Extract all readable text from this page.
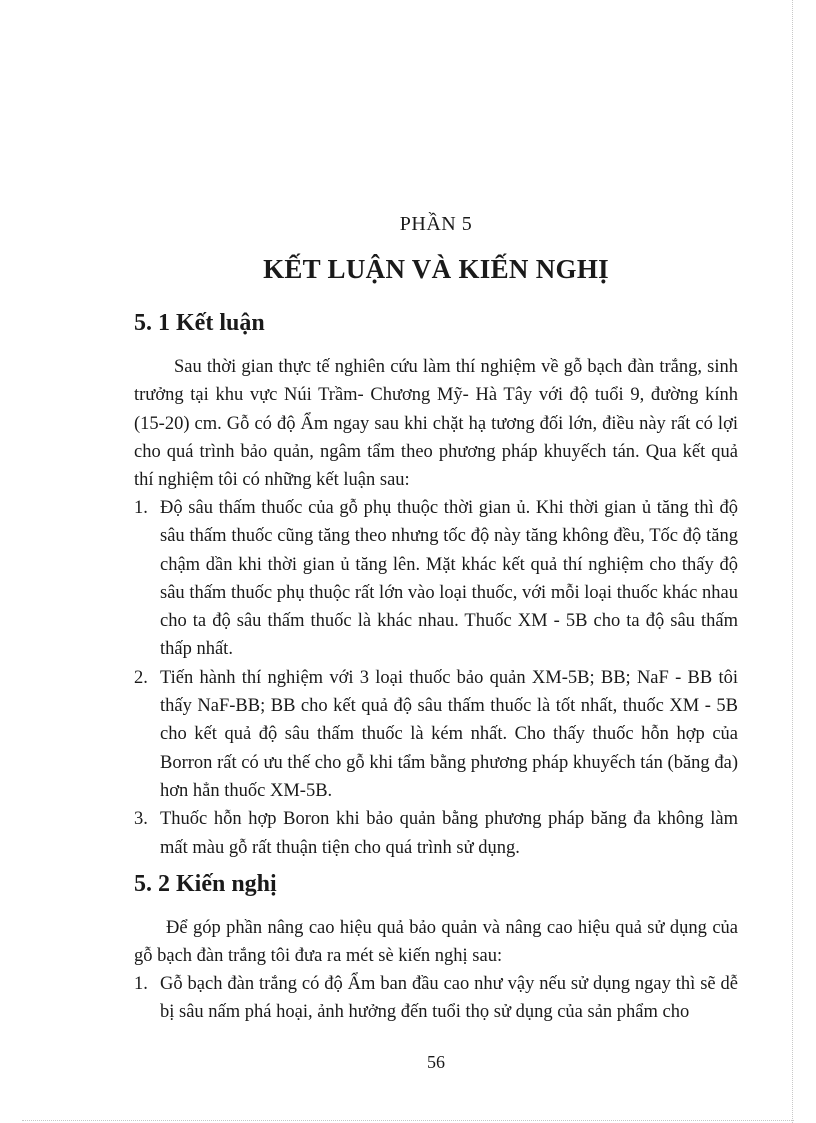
PHẦN 5
KẾT LUẬN VÀ KIẾN NGHỊ
5. 1 Kết luận

Sau thời gian thực tế nghiên cứu làm thí nghiệm về gỗ bạch đàn trắng, sinh trưởng tại khu vực Núi Trầm- Chương Mỹ- Hà Tây với độ tuổi 9, đường kính (15-20) cm. Gỗ có độ Ẩm ngay sau khi chặt hạ tương đối lớn, điều này rất có lợi cho quá trình bảo quản, ngâm tẩm theo phương pháp khuyếch tán. Qua kết quả thí nghiệm tôi có những kết luận sau:

1. Độ sâu thấm thuốc của gỗ phụ thuộc thời gian ủ. Khi thời gian ủ tăng thì độ sâu thấm thuốc cũng tăng theo nhưng tốc độ này tăng không đều, Tốc độ tăng chậm dần khi thời gian ủ tăng lên. Mặt khác kết quả thí nghiệm cho thấy độ sâu thấm thuốc phụ thuộc rất lớn vào loại thuốc, với mỗi loại thuốc khác nhau cho ta độ sâu thấm thuốc là khác nhau. Thuốc XM - 5B cho ta độ sâu thấm thấp nhất.
2. Tiến hành thí nghiệm với 3 loại thuốc bảo quản XM-5B; BB; NaF - BB tôi thấy NaF-BB; BB cho kết quả độ sâu thấm thuốc là tốt nhất, thuốc XM - 5B cho kết quả độ sâu thấm thuốc là kém nhất. Cho thấy thuốc hỗn hợp của Borron rất có ưu thế cho gỗ khi tẩm bằng phương pháp khuyếch tán (băng đa) hơn hẳn thuốc XM-5B.
3. Thuốc hỗn hợp Boron khi bảo quản bằng phương pháp băng đa không làm mất màu gỗ rất thuận tiện cho quá trình sử dụng.
5. 2 Kiến nghị

Để góp phần nâng cao hiệu quả bảo quản và nâng cao hiệu quả sử dụng của gỗ bạch đàn trắng tôi đưa ra mét sè kiến nghị sau:

1. Gỗ bạch đàn trắng có độ Ẩm ban đầu cao như vậy nếu sử dụng ngay thì sẽ dễ bị sâu nấm phá hoại, ảnh hưởng đến tuổi thọ sử dụng của sản phẩm cho
56
